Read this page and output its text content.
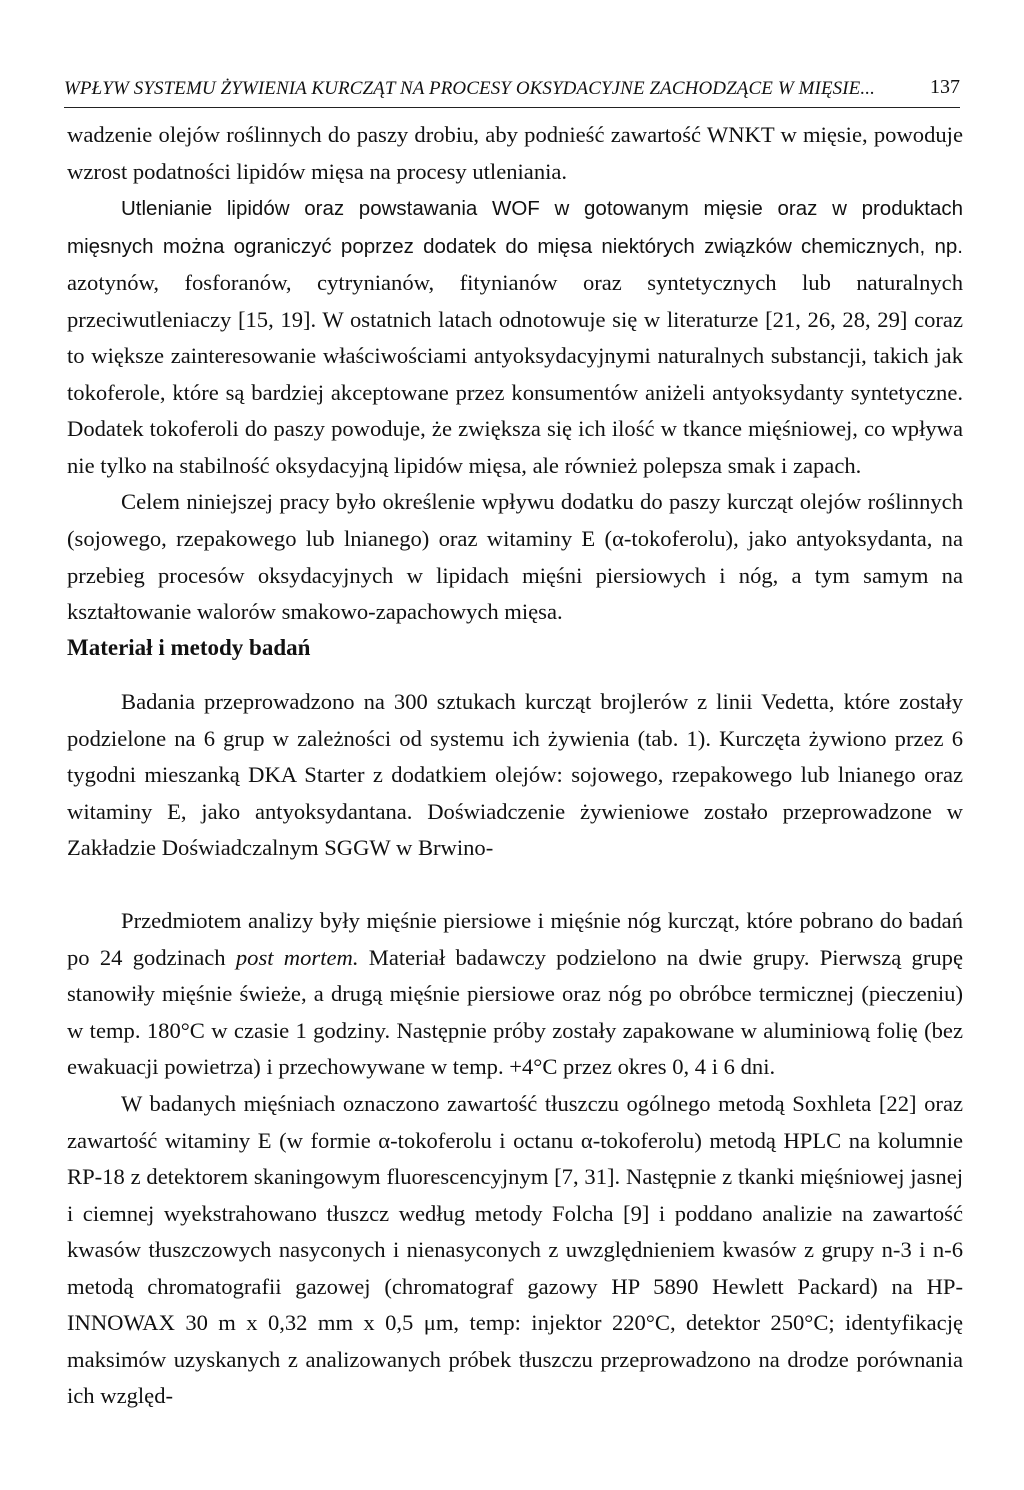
WPŁYW SYSTEMU ŻYWIENIA KURCZĄT NA PROCESY OKSYDACYJNE ZACHODZĄCE W MIĘSIE...	137

wadzenie olejów roślinnych do paszy drobiu, aby podnieść zawartość WNKT w mięsie, powoduje wzrost podatności lipidów mięsa na procesy utleniania.

Utlenianie lipidów oraz powstawania WOF w gotowanym mięsie oraz w produktach mięsnych można ograniczyć poprzez dodatek do mięsa niektórych związków chemicznych, np. azotynów, fosforanów, cytrynianów, fitynianów oraz syntetycznych lub naturalnych przeciwutleniaczy [15, 19]. W ostatnich latach odnotowuje się w literaturze [21, 26, 28, 29] coraz to większe zainteresowanie właściwościami antyoksydacyjnymi naturalnych substancji, takich jak tokoferole, które są bardziej akceptowane przez konsumentów aniżeli antyoksydanty syntetyczne. Dodatek tokoferoli do paszy powoduje, że zwiększa się ich ilość w tkance mięśniowej, co wpływa nie tylko na stabilność oksydacyjną lipidów mięsa, ale również polepsza smak i zapach.

Celem niniejszej pracy było określenie wpływu dodatku do paszy kurcząt olejów roślinnych (sojowego, rzepakowego lub lnianego) oraz witaminy E (α-tokoferolu), jako antyoksydanta, na przebieg procesów oksydacyjnych w lipidach mięśni piersiowych i nóg, a tym samym na kształtowanie walorów smakowo-zapachowych mięsa.

Materiał i metody badań

Badania przeprowadzono na 300 sztukach kurcząt brojlerów z linii Vedetta, które zostały podzielone na 6 grup w zależności od systemu ich żywienia (tab. 1). Kurczęta żywiono przez 6 tygodni mieszanką DKA Starter z dodatkiem olejów: sojowego, rzepakowego lub lnianego oraz witaminy E, jako antyoksydantana. Doświadczenie żywieniowe zostało przeprowadzone w Zakładzie Doświadczalnym SGGW w Brwino-

Przedmiotem analizy były mięśnie piersiowe i mięśnie nóg kurcząt, które pobrano do badań po 24 godzinach post mortem. Materiał badawczy podzielono na dwie grupy. Pierwszą grupę stanowiły mięśnie świeże, a drugą mięśnie piersiowe oraz nóg po obróbce termicznej (pieczeniu) w temp. 180°C w czasie 1 godziny. Następnie próby zostały zapakowane w aluminiową folię (bez ewakuacji powietrza) i przechowywane w temp. +4°C przez okres 0, 4 i 6 dni.

W badanych mięśniach oznaczono zawartość tłuszczu ogólnego metodą Soxhleta [22] oraz zawartość witaminy E (w formie α-tokoferolu i octanu α-tokoferolu) metodą HPLC na kolumnie RP-18 z detektorem skaningowym fluorescencyjnym [7, 31]. Następnie z tkanki mięśniowej jasnej i ciemnej wyekstrahowano tłuszcz według metody Folcha [9] i poddano analizie na zawartość kwasów tłuszczowych nasyconych i nienasyconych z uwzględnieniem kwasów z grupy n-3 i n-6 metodą chromatografii gazowej (chromatograf gazowy HP 5890 Hewlett Packard) na HP-INNOWAX 30 m x 0,32 mm x 0,5 μm, temp: injektor 220°C, detektor 250°C; identyfikację maksimów uzyskanych z analizowanych próbek tłuszczu przeprowadzono na drodze porównania ich względ-
